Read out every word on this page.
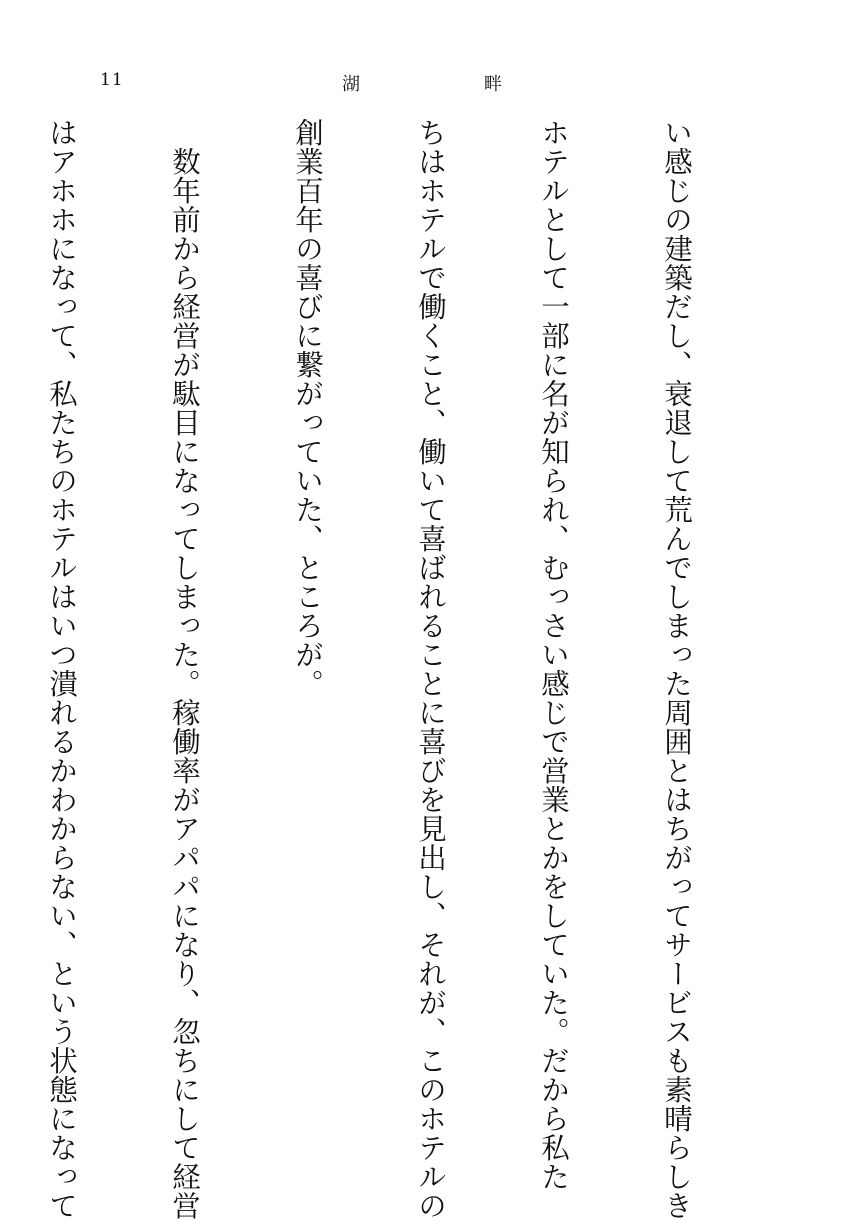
11	湖	畔

い感じの建築だし、衰退して荒んでしまった周囲とはちがってサービスも素晴らしき

ホテルとして一部に名が知られ、むっさい感じで営業とかをしていた。だから私た

ちはホテルで働くこと、働いて喜ばれることに喜びを見出し、それが、このホテルの

創業百年の喜びに繋がっていた、ところが。

　数年前から経営が駄目になってしまった。稼働率がアパパになり、忽ちにして経営

はアホホになって、私たちのホテルはいつ潰れるかわからない、という状態になって
